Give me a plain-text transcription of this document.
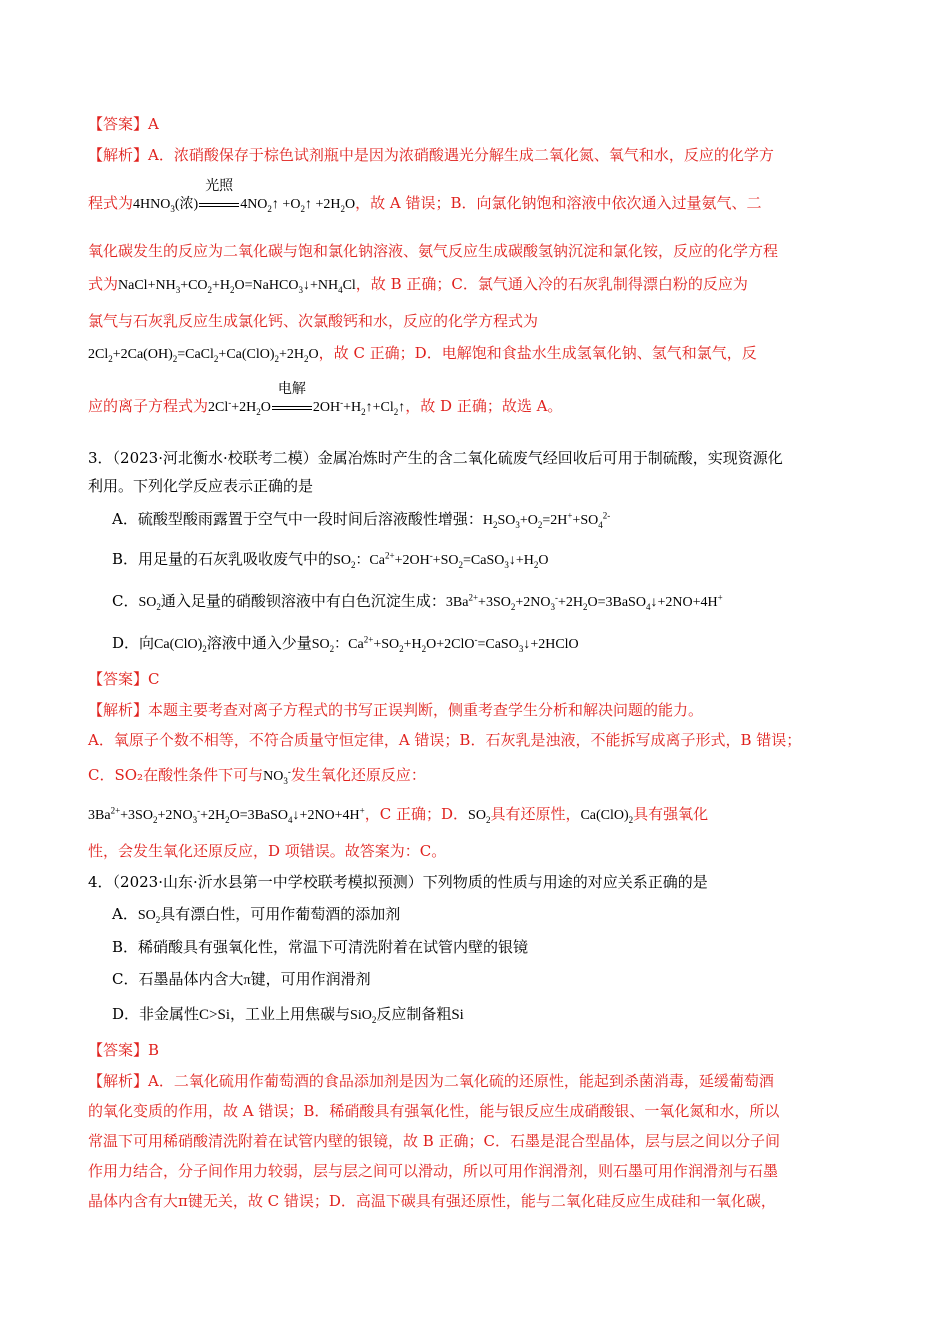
【答案】A
【解析】A．浓硝酸保存于棕色试剂瓶中是因为浓硝酸遇光分解生成二氧化氮、氧气和水，反应的化学方
程式为$4HNO_3$(浓)
光照
$4NO_2↑$ $+O_2↑ +2H_2O$，故 A 错误；B．向氯化钠饱和溶液中依次通入过量氨气、二
氧化碳发生的反应为二氧化碳与饱和氯化钠溶液、氨气反应生成碳酸氢钠沉淀和氯化铵，反应的化学方程
式为$NaCl+NH_3+CO_2+H_2O=NaHCO_3↓+NH_4Cl$，故 B 正确；C．氯气通入冷的石灰乳制得漂白粉的反应为
氯气与石灰乳反应生成氯化钙、次氯酸钙和水，反应的化学方程式为
$2Cl_2+2Ca(OH)_2=CaCl_2+Ca(ClO)_2+2H_2O$，故 C 正确；D．电解饱和食盐水生成氢氧化钠、氢气和氯气，反
应的离子方程式为$2Cl^-+2H_2O$
电解
$2OH^-+H_2↑+Cl_2↑$，故 D 正确；故选 A。
3．（2023·河北衡水·校联考二模）金属冶炼时产生的含二氧化硫废气经回收后可用于制硫酸，实现资源化
利用。下列化学反应表示正确的是
A．硫酸型酸雨露置于空气中一段时间后溶液酸性增强：$H_2SO_3+O_2=2H^++SO_4^{2-}$
B．用足量的石灰乳吸收废气中的$SO_2$：$Ca^{2+}+2OH^-+SO_2=CaSO_3↓+H_2O$
C．$SO_2$通入足量的硝酸钡溶液中有白色沉淀生成：$3Ba^{2+}+3SO_2+2NO_3^-+2H_2O=3BaSO_4↓+2NO+4H^+$
D．向$Ca(ClO)_2$溶液中通入少量$SO_2$：$Ca^{2+}+SO_2+H_2O+2ClO^-=CaSO_3↓+2HClO$
【答案】C
【解析】本题主要考查对离子方程式的书写正误判断，侧重考查学生分析和解决问题的能力。
A．氧原子个数不相等，不符合质量守恒定律，A 错误；B．石灰乳是浊液，不能拆写成离子形式，B 错误；
C．SO₂在酸性条件下可与$NO_3^-$发生氧化还原反应：
$3Ba^{2+}+3SO_2+2NO_3^-+2H_2O=3BaSO_4↓+2NO+4H^+$，C 正确；D．$SO_2$具有还原性，$Ca(ClO)_2$具有强氧化
性，会发生氧化还原反应，D 项错误。故答案为：C。
4．（2023·山东·沂水县第一中学校联考模拟预测）下列物质的性质与用途的对应关系正确的是
A．$SO_2$具有漂白性，可用作葡萄酒的添加剂
B．稀硝酸具有强氧化性，常温下可清洗附着在试管内壁的银镜
C．石墨晶体内含大π键，可用作润滑剂
D．非金属性C>Si，工业上用焦碳与SiO$_2$反应制备粗Si
【答案】B
【解析】A．二氧化硫用作葡萄酒的食品添加剂是因为二氧化硫的还原性，能起到杀菌消毒，延缓葡萄酒
的氧化变质的作用，故 A 错误；B．稀硝酸具有强氧化性，能与银反应生成硝酸银、一氧化氮和水，所以
常温下可用稀硝酸清洗附着在试管内壁的银镜，故 B 正确；C．石墨是混合型晶体，层与层之间以分子间
作用力结合，分子间作用力较弱，层与层之间可以滑动，所以可用作润滑剂，则石墨可用作润滑剂与石墨
晶体内含有大π键无关，故 C 错误；D．高温下碳具有强还原性，能与二氧化硅反应生成硅和一氧化碳，
